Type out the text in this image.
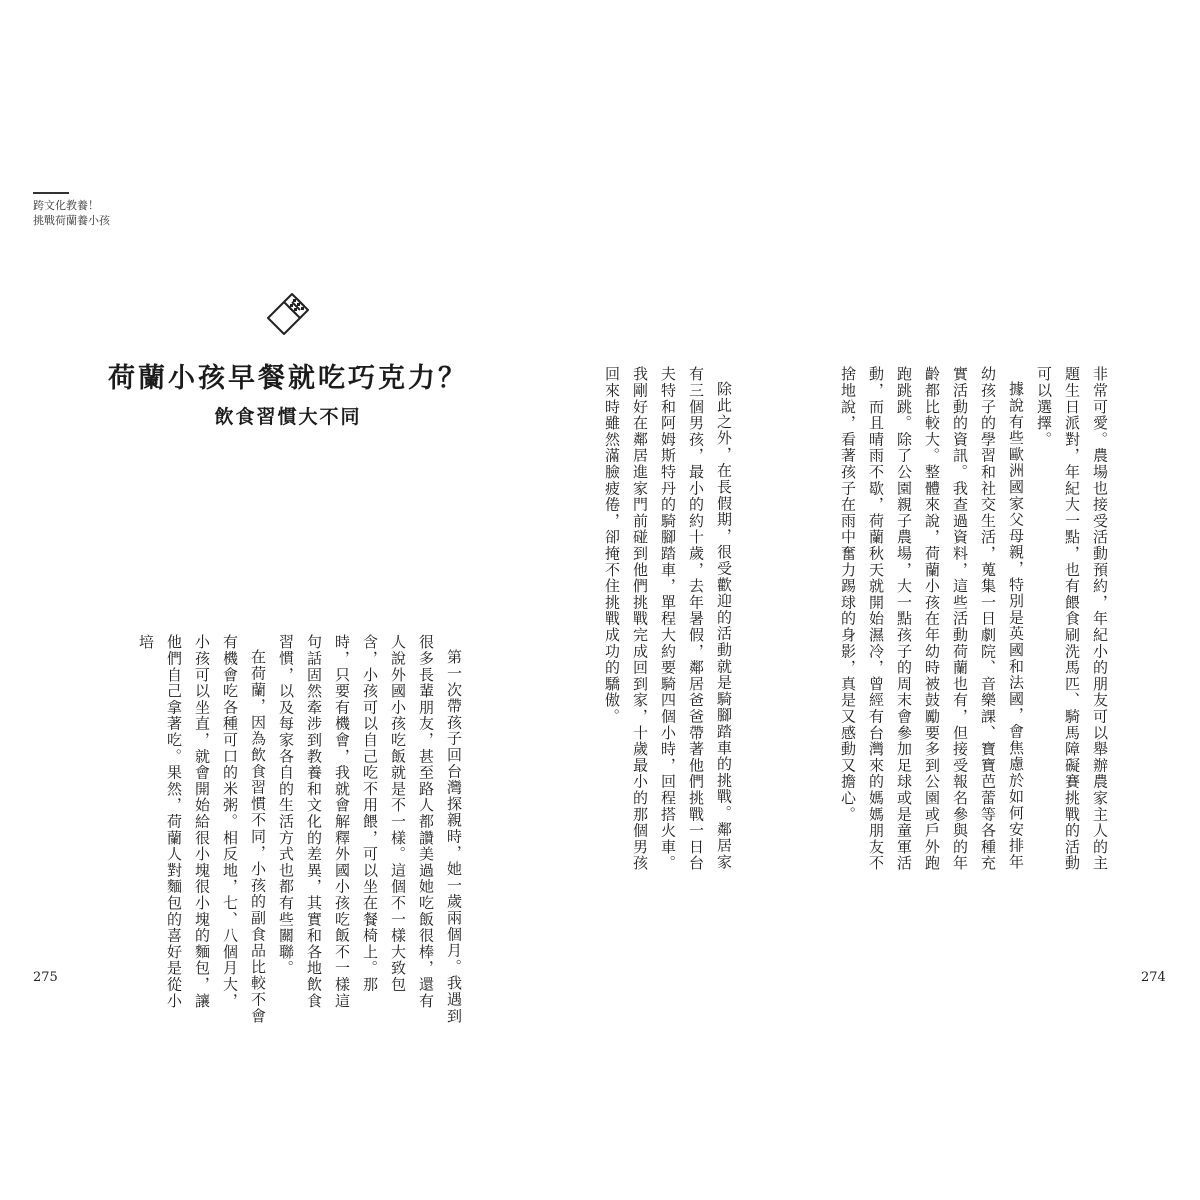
跨文化教養！
挑戰荷蘭養小孩
荷蘭小孩早餐就吃巧克力？
飲食習慣大不同

第一次帶孩子回台灣探親時，她一歲兩個月。我遇到很多長輩朋友，甚至路人都讚美過她吃飯很棒，還有人說外國小孩吃飯就是不一樣。這個不一樣大致包含，小孩可以自己吃不用餵，可以坐在餐椅上。那時，只要有機會，我就會解釋外國小孩吃飯不一樣這句話固然牽涉到教養和文化的差異，其實和各地飲食習慣，以及每家各自的生活方式也都有些關聯。

在荷蘭，因為飲食習慣不同，小孩的副食品比較不會有機會吃各種可口的米粥。相反地，七、八個月大，小孩可以坐直，就會開始給很小塊很小塊的麵包，讓他們自己拿著吃。果然，荷蘭人對麵包的喜好是從小培	非常可愛。農場也接受活動預約，年紀小的朋友可以舉辦農家主人的主題生日派對，年紀大一點，也有餵食刷洗馬匹、騎馬障礙賽挑戰的活動可以選擇。

據說有些歐洲國家父母親，特別是英國和法國，會焦慮於如何安排年幼孩子的學習和社交生活，蒐集一日劇院、音樂課、寶寶芭蕾等各種充實活動的資訊。我查過資料，這些活動荷蘭也有，但接受報名參與的年齡都比較大。整體來說，荷蘭小孩在年幼時被鼓勵要多到公園或戶外跑跑跳跳。除了公園親子農場，大一點孩子的周末會參加足球或是童軍活動，而且晴雨不歇，荷蘭秋天就開始濕冷，曾經有台灣來的媽媽朋友不捨地說，看著孩子在雨中奮力踢球的身影，真是又感動又擔心。

除此之外，在長假期，很受歡迎的活動就是騎腳踏車的挑戰。鄰居家有三個男孩，最小的約十歲，去年暑假，鄰居爸爸帶著他們挑戰一日台夫特和阿姆斯特丹的騎腳踏車，單程大約要騎四個小時，回程搭火車。我剛好在鄰居進家門前碰到他們挑戰完成回到家，十歲最小的那個男孩回來時雖然滿臉疲倦，卻掩不住挑戰成功的驕傲。

275	274
